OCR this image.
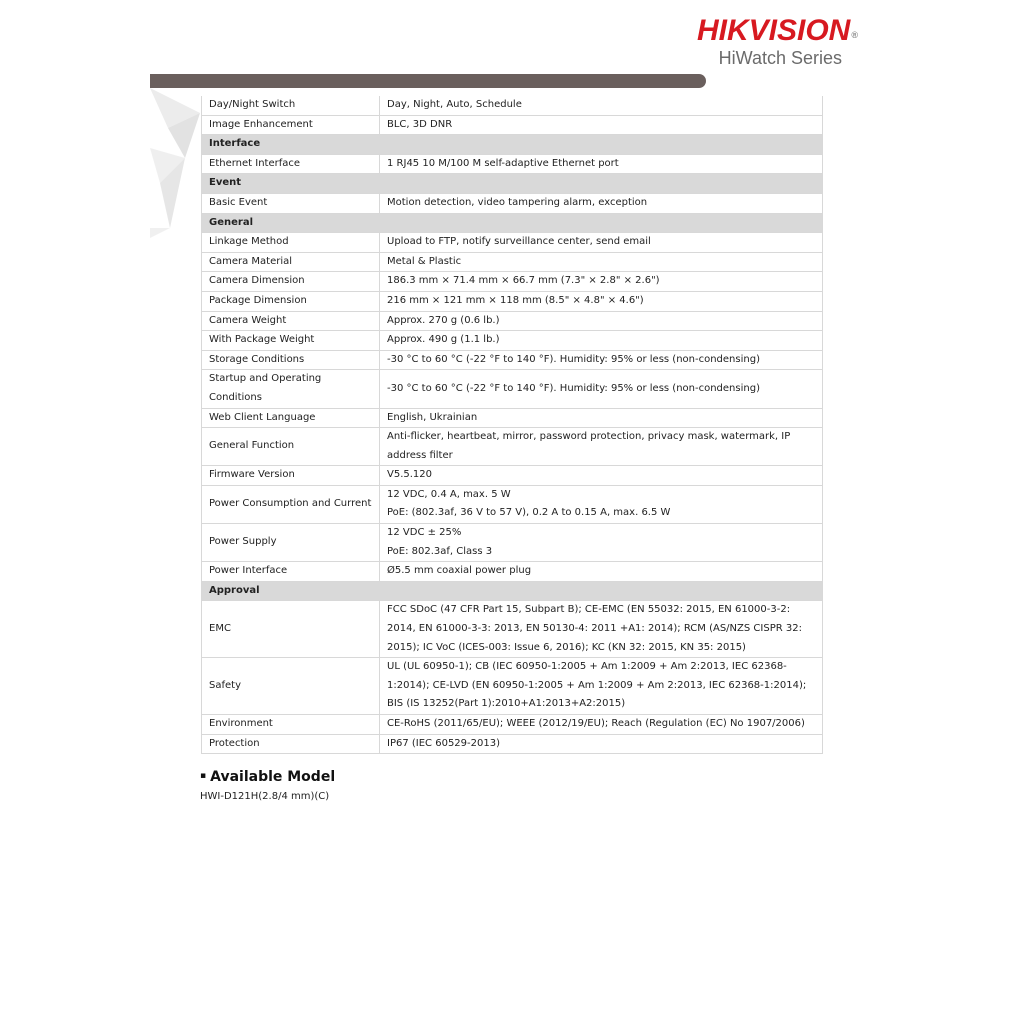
HIKVISION®
HiWatch Series
Day/Night Switch	Day, Night, Auto, Schedule

Image Enhancement	BLC, 3D DNR

Interface	
Ethernet Interface	1 RJ45 10 M/100 M self-adaptive Ethernet port

Event	
Basic Event	Motion detection, video tampering alarm, exception

General	
Linkage Method	Upload to FTP, notify surveillance center, send email

Camera Material	Metal & Plastic

Camera Dimension	186.3 mm × 71.4 mm × 66.7 mm (7.3" × 2.8" × 2.6")

Package Dimension	216 mm × 121 mm × 118 mm (8.5" × 4.8" × 4.6")

Camera Weight	Approx. 270 g (0.6 lb.)

With Package Weight	Approx. 490 g (1.1 lb.)

Storage Conditions	-30 °C to 60 °C (-22 °F to 140 °F). Humidity: 95% or less (non-condensing)

Startup and Operating Conditions	-30 °C to 60 °C (-22 °F to 140 °F). Humidity: 95% or less (non-condensing)

Web Client Language	English, Ukrainian

General Function	Anti-flicker, heartbeat, mirror, password protection, privacy mask, watermark, IP address filter

Firmware Version	V5.5.120

Power Consumption and Current	12 VDC, 0.4 A, max. 5 W
PoE: (802.3af, 36 V to 57 V), 0.2 A to 0.15 A, max. 6.5 W

Power Supply	12 VDC ± 25%
PoE: 802.3af, Class 3

Power Interface	Ø5.5 mm coaxial power plug

Approval	
EMC	FCC SDoC (47 CFR Part 15, Subpart B); CE-EMC (EN 55032: 2015, EN 61000-3-2: 2014, EN 61000-3-3: 2013, EN 50130-4: 2011 +A1: 2014); RCM (AS/NZS CISPR 32: 2015); IC VoC (ICES-003: Issue 6, 2016); KC (KN 32: 2015, KN 35: 2015)

Safety	UL (UL 60950-1); CB (IEC 60950-1:2005 + Am 1:2009 + Am 2:2013, IEC 62368-1:2014); CE-LVD (EN 60950-1:2005 + Am 1:2009 + Am 2:2013, IEC 62368-1:2014); BIS (IS 13252(Part 1):2010+A1:2013+A2:2015)

Environment	CE-RoHS (2011/65/EU); WEEE (2012/19/EU); Reach (Regulation (EC) No 1907/2006)

Protection	IP67 (IEC 60529-2013)
▪ Available Model
HWI-D121H(2.8/4 mm)(C)
